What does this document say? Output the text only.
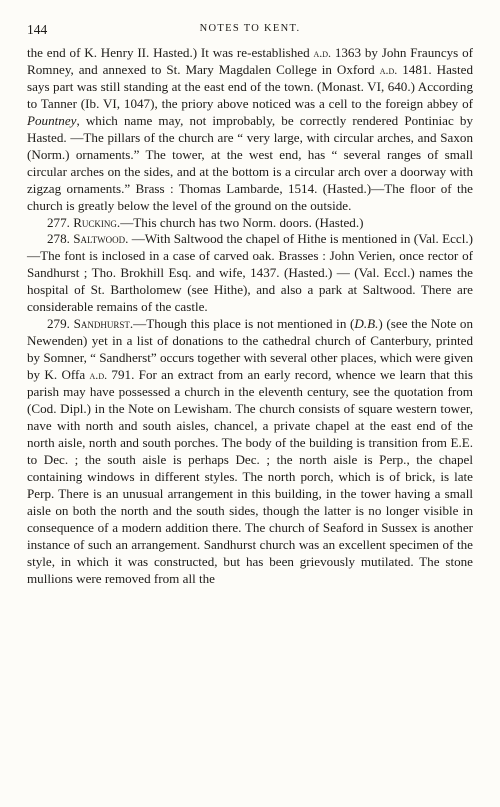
144	NOTES TO KENT.

the end of K. Henry II. Hasted.) It was re-established a.d. 1363 by John Frauncys of Romney, and annexed to St. Mary Magdalen College in Oxford a.d. 1481. Hasted says part was still standing at the east end of the town. (Monast. VI, 640.) According to Tanner (Ib. VI, 1047), the priory above noticed was a cell to the foreign abbey of Pountney, which name may, not improbably, be correctly rendered Pontiniac by Hasted. —The pillars of the church are “ very large, with circular arches, and Saxon (Norm.) ornaments.” The tower, at the west end, has “ several ranges of small circular arches on the sides, and at the bottom is a circular arch over a doorway with zigzag ornaments.” Brass : Thomas Lambarde, 1514. (Hasted.)—The floor of the church is greatly below the level of the ground on the outside.

277. Rucking.—This church has two Norm. doors. (Hasted.)

278. Saltwood. —With Saltwood the chapel of Hithe is mentioned in (Val. Eccl.)—The font is inclosed in a case of carved oak. Brasses : John Verien, once rector of Sandhurst ; Tho. Brokhill Esq. and wife, 1437. (Hasted.) — (Val. Eccl.) names the hospital of St. Bartholomew (see Hithe), and also a park at Saltwood. There are considerable remains of the castle.

279. Sandhurst.—Though this place is not mentioned in (D.B.) (see the Note on Newenden) yet in a list of donations to the cathedral church of Canterbury, printed by Somner, “ Sandherst” occurs together with several other places, which were given by K. Offa a.d. 791. For an extract from an early record, whence we learn that this parish may have possessed a church in the eleventh century, see the quotation from (Cod. Dipl.) in the Note on Lewisham. The church consists of square western tower, nave with north and south aisles, chancel, a private chapel at the east end of the north aisle, north and south porches. The body of the building is transition from E.E. to Dec. ; the south aisle is perhaps Dec. ; the north aisle is Perp., the chapel containing windows in different styles. The north porch, which is of brick, is late Perp. There is an unusual arrangement in this building, in the tower having a small aisle on both the north and the south sides, though the latter is no longer visible in consequence of a modern addition there. The church of Seaford in Sussex is another instance of such an arrangement. Sandhurst church was an excellent specimen of the style, in which it was constructed, but has been grievously mutilated. The stone mullions were removed from all the
